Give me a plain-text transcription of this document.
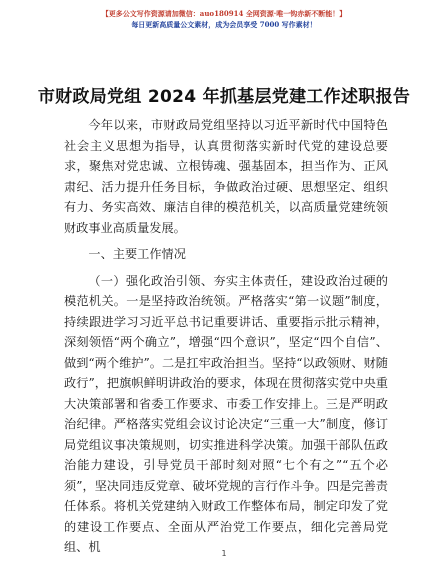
【更多公文写作资源请加微信：auo180914 全网资源·唯一钩赤新不断能！】
每日更新高质量公文素材，成为会员享受 7000 写作素材！
市财政局党组 2024 年抓基层党建工作述职报告

今年以来，市财政局党组坚持以习近平新时代中国特色社会主义思想为指导，认真贯彻落实新时代党的建设总要求，聚焦对党忠诚、立根铸魂、强基固本，担当作为、正风肃纪、活力提升任务目标，争做政治过硬、思想坚定、组织有力、务实高效、廉洁自律的模范机关，以高质量党建统领财政事业高质量发展。

一、主要工作情况

（一）强化政治引领、夯实主体责任，建设政治过硬的模范机关。一是坚持政治统领。严格落实“第一议题”制度，持续跟进学习习近平总书记重要讲话、重要指示批示精神，深刻领悟“两个确立”，增强“四个意识”，坚定“四个自信”、做到“两个维护”。二是扛牢政治担当。坚持“以政领财、财随政行”，把旗帜鲜明讲政治的要求，体现在贯彻落实党中央重大决策部署和省委工作要求、市委工作安排上。三是严明政治纪律。严格落实党组会议讨论决定“三重一大”制度，修订局党组议事决策规则，切实推进科学决策。加强干部队伍政治能力建设，引导党员干部时刻对照“七个有之”“五个必须”，坚决同违反党章、破坏党规的言行作斗争。四是完善责任体系。将机关党建纳入财政工作整体布局，制定印发了党的建设工作要点、全面从严治党工作要点，细化完善局党组、机	1
